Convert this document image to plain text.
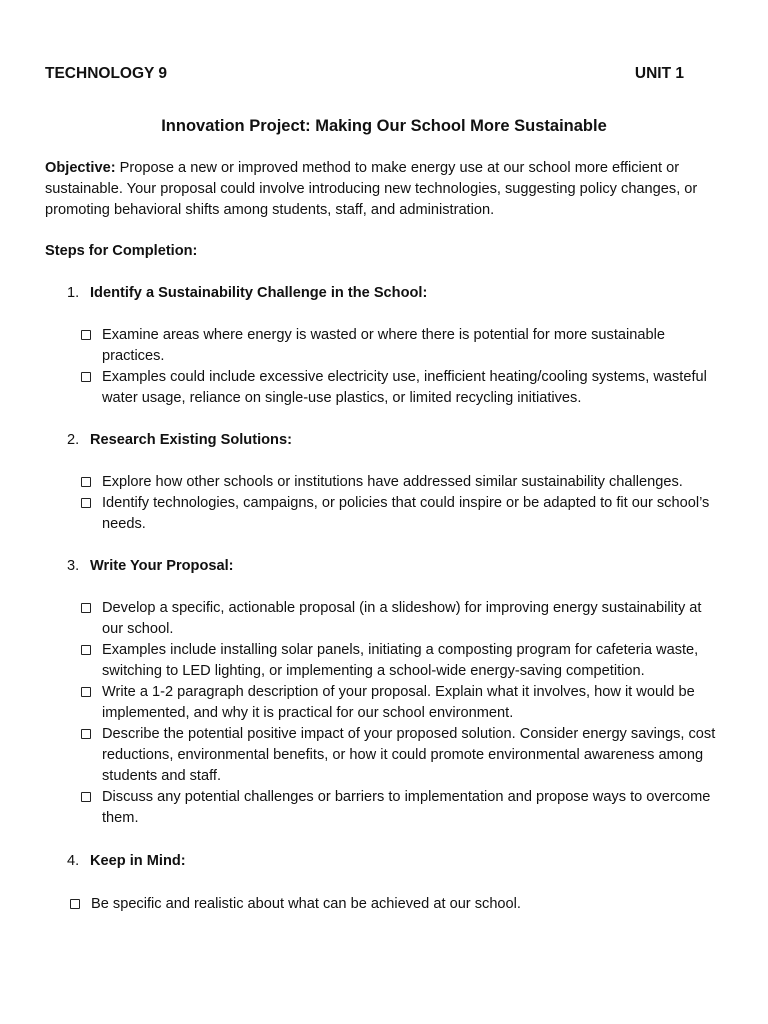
TECHNOLOGY 9	UNIT 1
Innovation Project: Making Our School More Sustainable
Objective: Propose a new or improved method to make energy use at our school more efficient or sustainable. Your proposal could involve introducing new technologies, suggesting policy changes, or promoting behavioral shifts among students, staff, and administration.
Steps for Completion:
1. Identify a Sustainability Challenge in the School:
Examine areas where energy is wasted or where there is potential for more sustainable practices.
Examples could include excessive electricity use, inefficient heating/cooling systems, wasteful water usage, reliance on single-use plastics, or limited recycling initiatives.
2. Research Existing Solutions:
Explore how other schools or institutions have addressed similar sustainability challenges.
Identify technologies, campaigns, or policies that could inspire or be adapted to fit our school’s needs.
3. Write Your Proposal:
Develop a specific, actionable proposal (in a slideshow) for improving energy sustainability at our school.
Examples include installing solar panels, initiating a composting program for cafeteria waste, switching to LED lighting, or implementing a school-wide energy-saving competition.
Write a 1-2 paragraph description of your proposal. Explain what it involves, how it would be implemented, and why it is practical for our school environment.
Describe the potential positive impact of your proposed solution. Consider energy savings, cost reductions, environmental benefits, or how it could promote environmental awareness among students and staff.
Discuss any potential challenges or barriers to implementation and propose ways to overcome them.
4. Keep in Mind:
Be specific and realistic about what can be achieved at our school.
